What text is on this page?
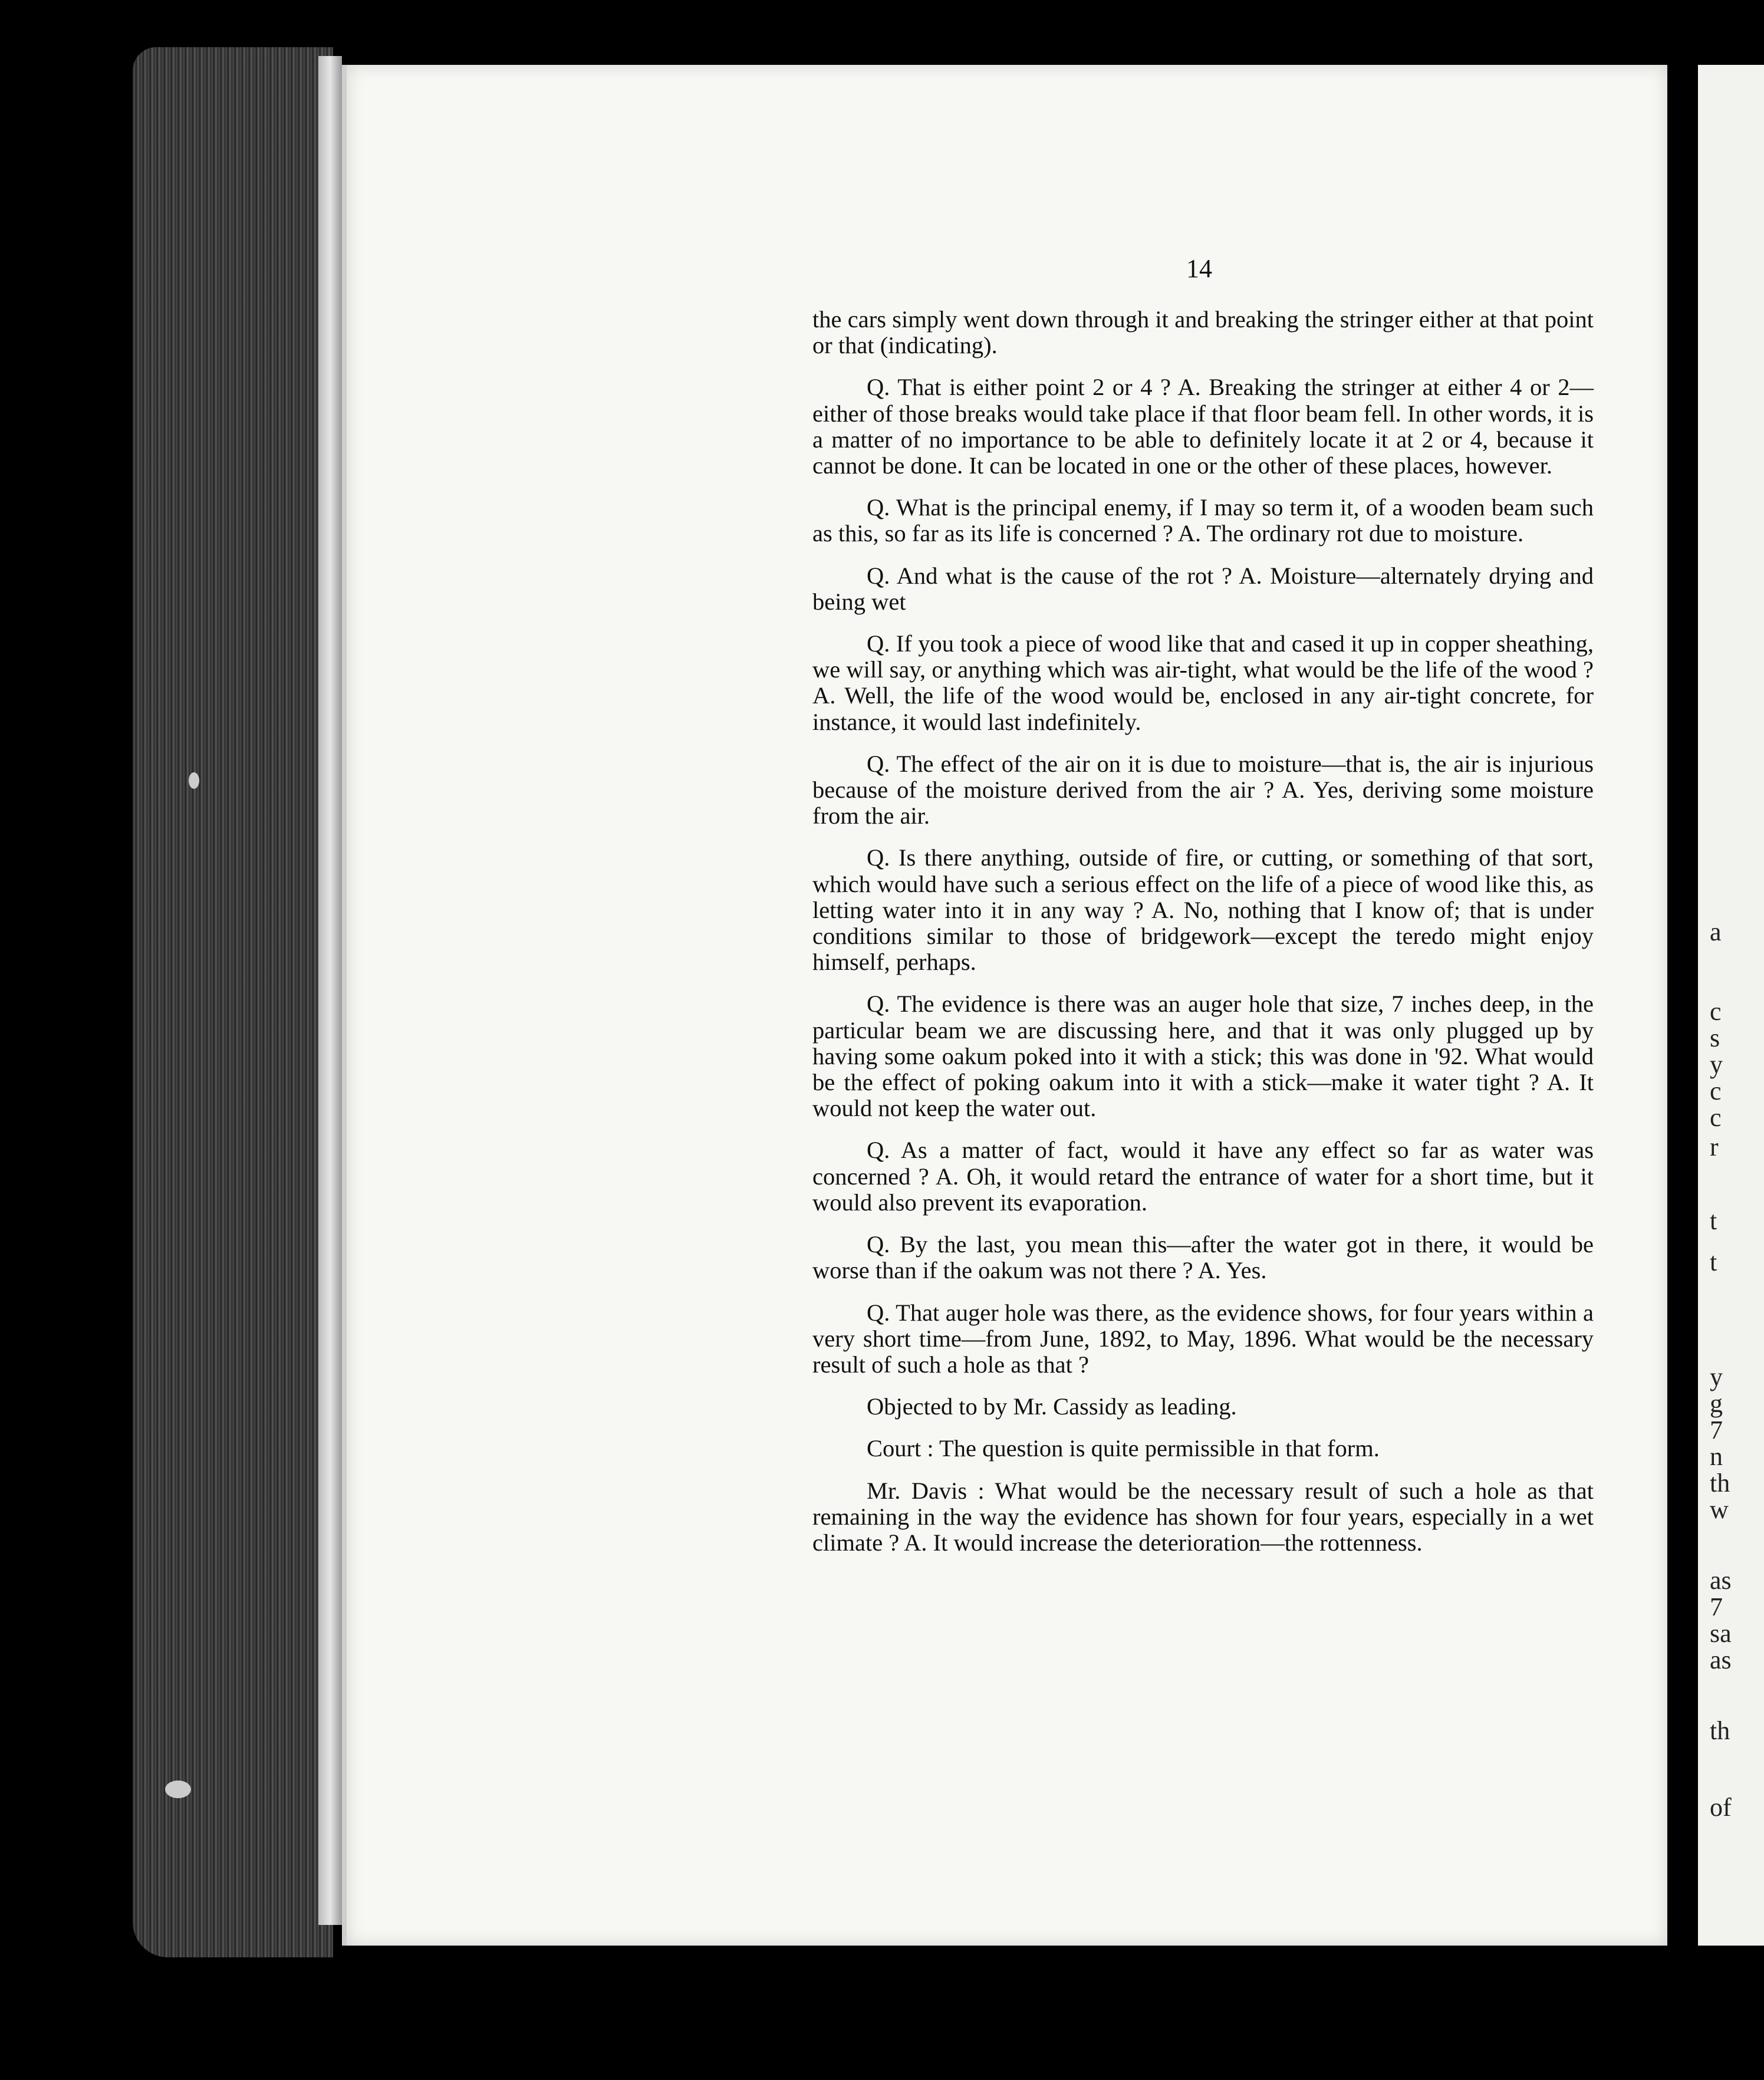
a
c
s
y
c
c
r
t
t
y
g
7
n
th
w
as
7
sa
as
th
of
14

the cars simply went down through it and breaking the stringer either at that point or that (indicating).

Q. That is either point 2 or 4 ? A. Breaking the stringer at either 4 or 2—either of those breaks would take place if that floor beam fell. In other words, it is a matter of no importance to be able to definitely locate it at 2 or 4, because it cannot be done. It can be located in one or the other of these places, however.

Q. What is the principal enemy, if I may so term it, of a wooden beam such as this, so far as its life is concerned ? A. The ordinary rot due to moisture.

Q. And what is the cause of the rot ? A. Moisture—alternately drying and being wet

Q. If you took a piece of wood like that and cased it up in copper sheathing, we will say, or anything which was air-tight, what would be the life of the wood ? A. Well, the life of the wood would be, enclosed in any air-tight concrete, for instance, it would last indefinitely.

Q. The effect of the air on it is due to moisture—that is, the air is injurious because of the moisture derived from the air ? A. Yes, deriving some moisture from the air.

Q. Is there anything, outside of fire, or cutting, or something of that sort, which would have such a serious effect on the life of a piece of wood like this, as letting water into it in any way ? A. No, nothing that I know of; that is under conditions similar to those of bridgework—except the teredo might enjoy himself, perhaps.

Q. The evidence is there was an auger hole that size, 7 inches deep, in the particular beam we are discussing here, and that it was only plugged up by having some oakum poked into it with a stick; this was done in '92. What would be the effect of poking oakum into it with a stick—make it water tight ? A. It would not keep the water out.

Q. As a matter of fact, would it have any effect so far as water was concerned ? A. Oh, it would retard the entrance of water for a short time, but it would also prevent its evaporation.

Q. By the last, you mean this—after the water got in there, it would be worse than if the oakum was not there ? A. Yes.

Q. That auger hole was there, as the evidence shows, for four years within a very short time—from June, 1892, to May, 1896. What would be the necessary result of such a hole as that ?

Objected to by Mr. Cassidy as leading.

Court : The question is quite permissible in that form.

Mr. Davis : What would be the necessary result of such a hole as that remaining in the way the evidence has shown for four years, especially in a wet climate ? A. It would increase the deterioration—the rottenness.
